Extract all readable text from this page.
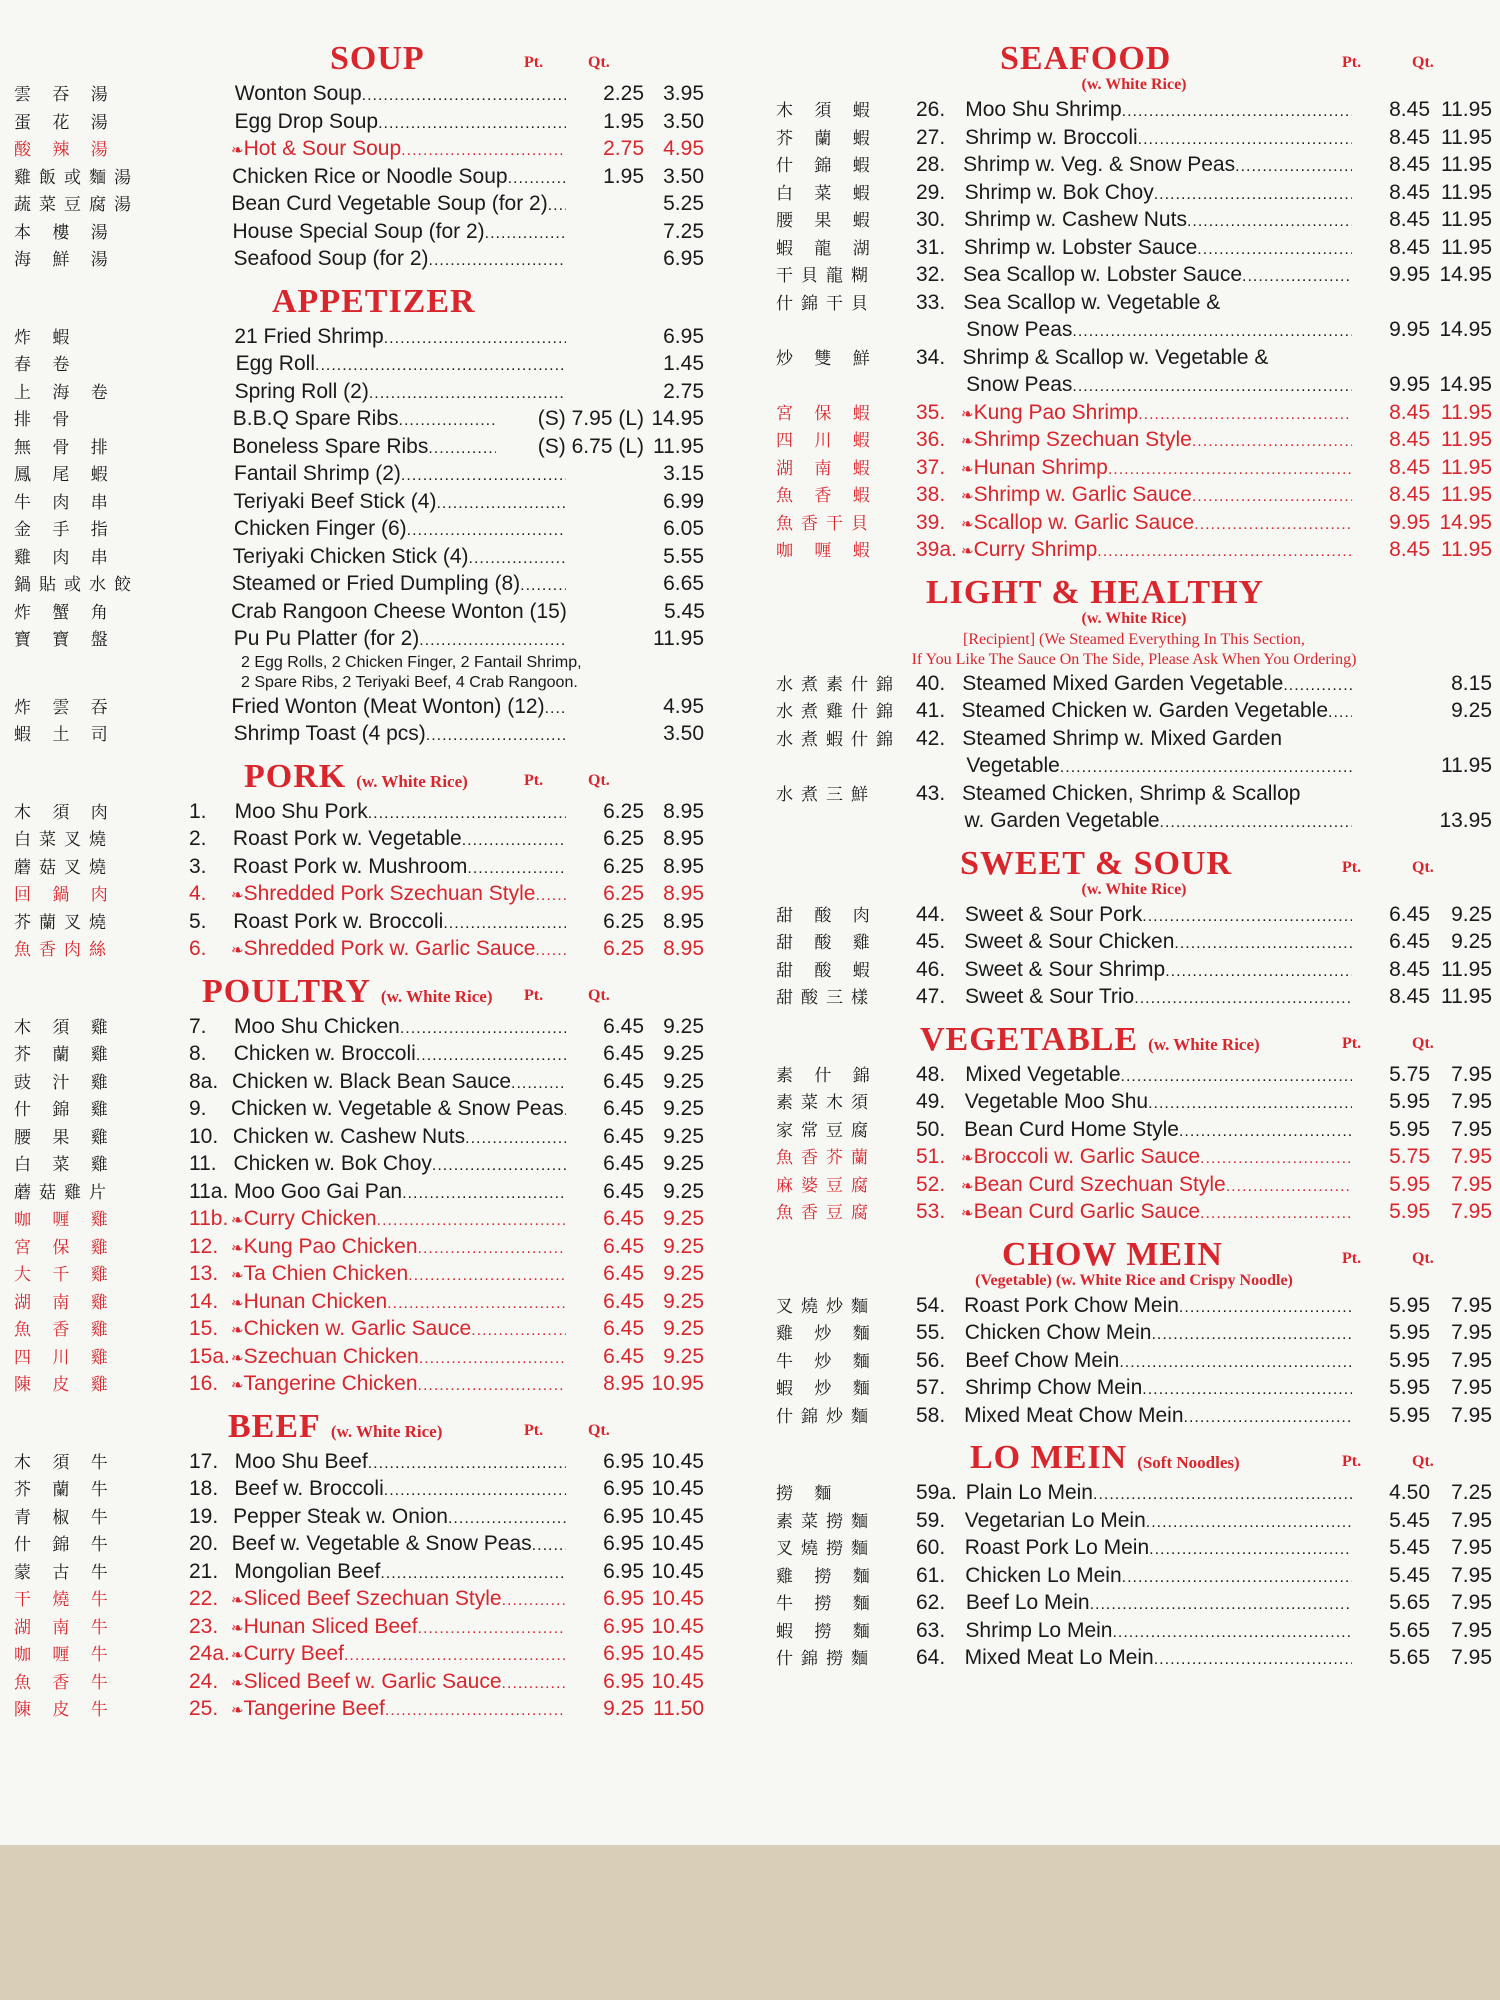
SOUP	Pt.	Qt.
雲 吞 湯	Wonton Soup .....	2.25 3.95
蛋 花 湯	Egg Drop Soup .....	1.95 3.50
酸 辣 湯	❧ Hot & Sour Soup .....	2.75 4.95
雞飯或麵湯	Chicken Rice or Noodle Soup .....	1.95 3.50
蔬菜豆腐湯	Bean Curd Vegetable Soup (for 2) .....	5.25
本 樓 湯	House Special Soup (for 2) .....	7.25
海 鮮 湯	Seafood Soup (for 2) .....	6.95
APPETIZER
炸 蝦	21 Fried Shrimp .....	6.95
春 卷	Egg Roll .....	1.45
上 海 卷	Spring Roll (2) .....	2.75
排 骨	B.B.Q Spare Ribs .....	(S) 7.95 (L) 14.95
無 骨 排	Boneless Spare Ribs .....	(S) 6.75 (L) 11.95
鳳 尾 蝦	Fantail Shrimp (2) .....	3.15
牛 肉 串	Teriyaki Beef Stick (4) .....	6.99
金 手 指	Chicken Finger (6) .....	6.05
雞 肉 串	Teriyaki Chicken Stick (4) .....	5.55
鍋貼或水餃	Steamed or Fried Dumpling (8) .....	6.65
炸 蟹 角	Crab Rangoon Cheese Wonton (15)	5.45
寶 寶 盤	Pu Pu Platter (for 2) .....	11.95
2 Egg Rolls, 2 Chicken Finger, 2 Fantail Shrimp,
2 Spare Ribs, 2 Teriyaki Beef, 4 Crab Rangoon.
炸 雲 吞	Fried Wonton (Meat Wonton) (12) .....	4.95
蝦 土 司	Shrimp Toast (4 pcs) .....	3.50
PORK (w. White Rice)	Pt.	Qt.
木 須 肉	1.	Moo Shu Pork .....	6.25 8.95
白菜叉燒	2.	Roast Pork w. Vegetable .....	6.25 8.95
蘑菇叉燒	3.	Roast Pork w. Mushroom .....	6.25 8.95
回 鍋 肉	4.	❧ Shredded Pork Szechuan Style .....	6.25 8.95
芥蘭叉燒	5.	Roast Pork w. Broccoli .....	6.25 8.95
魚香肉絲	6.	❧ Shredded Pork w. Garlic Sauce .....	6.25 8.95
POULTRY (w. White Rice) Pt.	Qt.
木 須 雞	7.	Moo Shu Chicken .....	6.45 9.25
芥 蘭 雞	8.	Chicken w. Broccoli .....	6.45 9.25
豉 汁 雞	8a. Chicken w. Black Bean Sauce .....	6.45 9.25
什 錦 雞	9.	Chicken w. Vegetable & Snow Peas .....	6.45 9.25
腰 果 雞	10. Chicken w. Cashew Nuts .....	6.45 9.25
白 菜 雞	11. Chicken w. Bok Choy .....	6.45 9.25
蘑菇雞片	11a. Moo Goo Gai Pan .....	6.45 9.25
咖 喱 雞	11b. ❧ Curry Chicken .....	6.45 9.25
宮 保 雞	12. ❧ Kung Pao Chicken .....	6.45 9.25
大 千 雞	13. ❧ Ta Chien Chicken .....	6.45 9.25
湖 南 雞	14. ❧ Hunan Chicken .....	6.45 9.25
魚 香 雞	15. ❧ Chicken w. Garlic Sauce .....	6.45 9.25
四 川 雞	15a. ❧ Szechuan Chicken .....	6.45 9.25
陳 皮 雞	16. ❧ Tangerine Chicken .....	8.95 10.95
BEEF (w. White Rice)	Pt.	Qt.
木 須 牛	17. Moo Shu Beef .....	6.95 10.45
芥 蘭 牛	18. Beef w. Broccoli .....	6.95 10.45
青 椒 牛	19. Pepper Steak w. Onion .....	6.95 10.45
什 錦 牛	20. Beef w. Vegetable & Snow Peas .....	6.95 10.45
蒙 古 牛	21. Mongolian Beef .....	6.95 10.45
干 燒 牛	22. ❧ Sliced Beef Szechuan Style .....	6.95 10.45
湖 南 牛	23. ❧ Hunan Sliced Beef .....	6.95 10.45
咖 喱 牛	24a. ❧ Curry Beef .....	6.95 10.45
魚 香 牛	24. ❧ Sliced Beef w. Garlic Sauce .....	6.95 10.45
陳 皮 牛	25. ❧ Tangerine Beef .....	9.25 11.50
SEAFOOD	Pt.	Qt.
(w. White Rice)
木 須 蝦	26. Moo Shu Shrimp .....	8.45 11.95
芥 蘭 蝦	27. Shrimp w. Broccoli .....	8.45 11.95
什 錦 蝦	28. Shrimp w. Veg. & Snow Peas .....	8.45 11.95
白 菜 蝦	29. Shrimp w. Bok Choy .....	8.45 11.95
腰 果 蝦	30. Shrimp w. Cashew Nuts .....	8.45 11.95
蝦 龍 湖	31. Shrimp w. Lobster Sauce .....	8.45 11.95
干貝龍糊	32. Sea Scallop w. Lobster Sauce .....	9.95 14.95
什錦干貝	33. Sea Scallop w. Vegetable &
Snow Peas .....	9.95 14.95
炒 雙 鮮	34. Shrimp & Scallop w. Vegetable &
Snow Peas .....	9.95 14.95
宮 保 蝦	35.	❧ Kung Pao Shrimp .....	8.45 11.95
四 川 蝦	36.	❧ Shrimp Szechuan Style .....	8.45 11.95
湖 南 蝦	37.	❧ Hunan Shrimp .....	8.45 11.95
魚 香 蝦	38.	❧ Shrimp w. Garlic Sauce .....	8.45 11.95
魚香干貝	39.	❧ Scallop w. Garlic Sauce .....	9.95 14.95
咖 喱 蝦	39a. ❧ Curry Shrimp .....	8.45 11.95
LIGHT & HEALTHY
(w. White Rice)
[Recipient] (We Steamed Everything In This Section,
If You Like The Sauce On The Side, Please Ask When You Ordering)
水煮素什錦 40. Steamed Mixed Garden Vegetable .....	8.15
水煮雞什錦 41. Steamed Chicken w. Garden Vegetable .....	9.25
水煮蝦什錦 42. Steamed Shrimp w. Mixed Garden
Vegetable .....	11.95
水煮三鮮	43. Steamed Chicken, Shrimp & Scallop
w. Garden Vegetable .....	13.95
SWEET & SOUR	Pt.	Qt.
(w. White Rice)
甜 酸 肉	44. Sweet & Sour Pork .....	6.45	9.25
甜 酸 雞	45. Sweet & Sour Chicken .....	6.45	9.25
甜 酸 蝦	46. Sweet & Sour Shrimp .....	8.45 11.95
甜酸三樣	47. Sweet & Sour Trio .....	8.45 11.95
VEGETABLE (w. White Rice)	Pt.	Qt.
素 什 錦	48. Mixed Vegetable .....	5.75	7.95
素菜木須	49. Vegetable Moo Shu .....	5.95	7.95
家常豆腐	50. Bean Curd Home Style .....	5.95	7.95
魚香芥蘭	51.	❧ Broccoli w. Garlic Sauce .....	5.75	7.95
麻婆豆腐	52.	❧ Bean Curd Szechuan Style .....	5.95	7.95
魚香豆腐	53.	❧ Bean Curd Garlic Sauce .....	5.95	7.95
CHOW MEIN	Pt.	Qt.
(Vegetable) (w. White Rice and Crispy Noodle)
叉燒炒麵	54. Roast Pork Chow Mein .....	5.95	7.95
雞 炒 麵	55. Chicken Chow Mein .....	5.95	7.95
牛 炒 麵	56. Beef Chow Mein .....	5.95	7.95
蝦 炒 麵	57. Shrimp Chow Mein .....	5.95	7.95
什錦炒麵	58. Mixed Meat Chow Mein .....	5.95	7.95
LO MEIN (Soft Noodles)	Pt.	Qt.
撈 麵	59a. Plain Lo Mein .....	4.50	7.25
素菜撈麵	59. Vegetarian Lo Mein .....	5.45	7.95
叉燒撈麵	60. Roast Pork Lo Mein .....	5.45	7.95
雞 撈 麵	61. Chicken Lo Mein .....	5.45	7.95
牛 撈 麵	62. Beef Lo Mein .....	5.65	7.95
蝦 撈 麵	63. Shrimp Lo Mein .....	5.65	7.95
什錦撈麵	64. Mixed Meat Lo Mein .....	5.65	7.95
